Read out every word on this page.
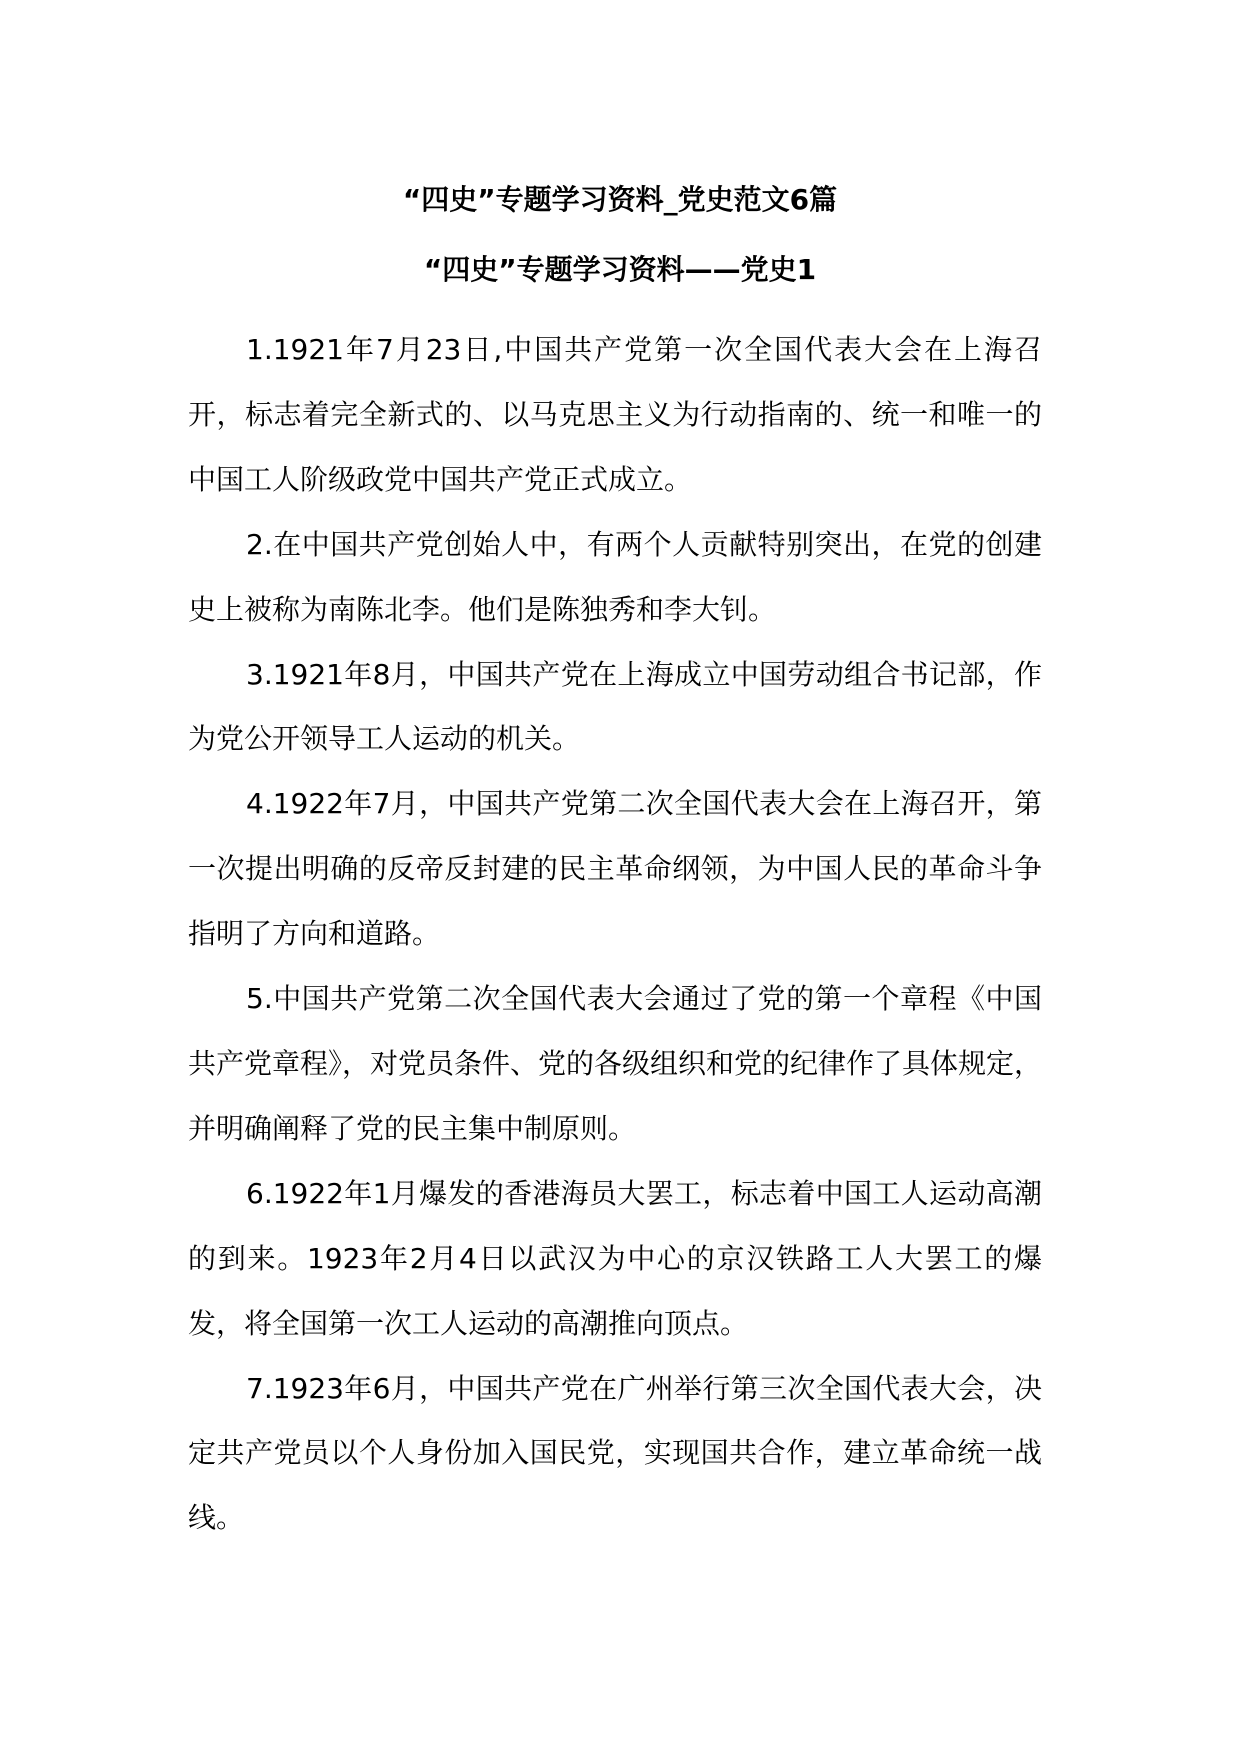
“四史”专题学习资料_党史范文6篇
“四史”专题学习资料——党史1

1.1921年7月23日,中国共产党第一次全国代表大会在上海召开，标志着完全新式的、以马克思主义为行动指南的、统一和唯一的中国工人阶级政党中国共产党正式成立。

2.在中国共产党创始人中，有两个人贡献特别突出，在党的创建史上被称为南陈北李。他们是陈独秀和李大钊。

3.1921年8月，中国共产党在上海成立中国劳动组合书记部，作为党公开领导工人运动的机关。

4.1922年7月，中国共产党第二次全国代表大会在上海召开，第一次提出明确的反帝反封建的民主革命纲领，为中国人民的革命斗争指明了方向和道路。

5.中国共产党第二次全国代表大会通过了党的第一个章程《中国共产党章程》，对党员条件、党的各级组织和党的纪律作了具体规定，并明确阐释了党的民主集中制原则。

6.1922年1月爆发的香港海员大罢工，标志着中国工人运动高潮的到来。1923年2月4日以武汉为中心的京汉铁路工人大罢工的爆发，将全国第一次工人运动的高潮推向顶点。

7.1923年6月，中国共产党在广州举行第三次全国代表大会，决定共产党员以个人身份加入国民党，实现国共合作，建立革命统一战线。
